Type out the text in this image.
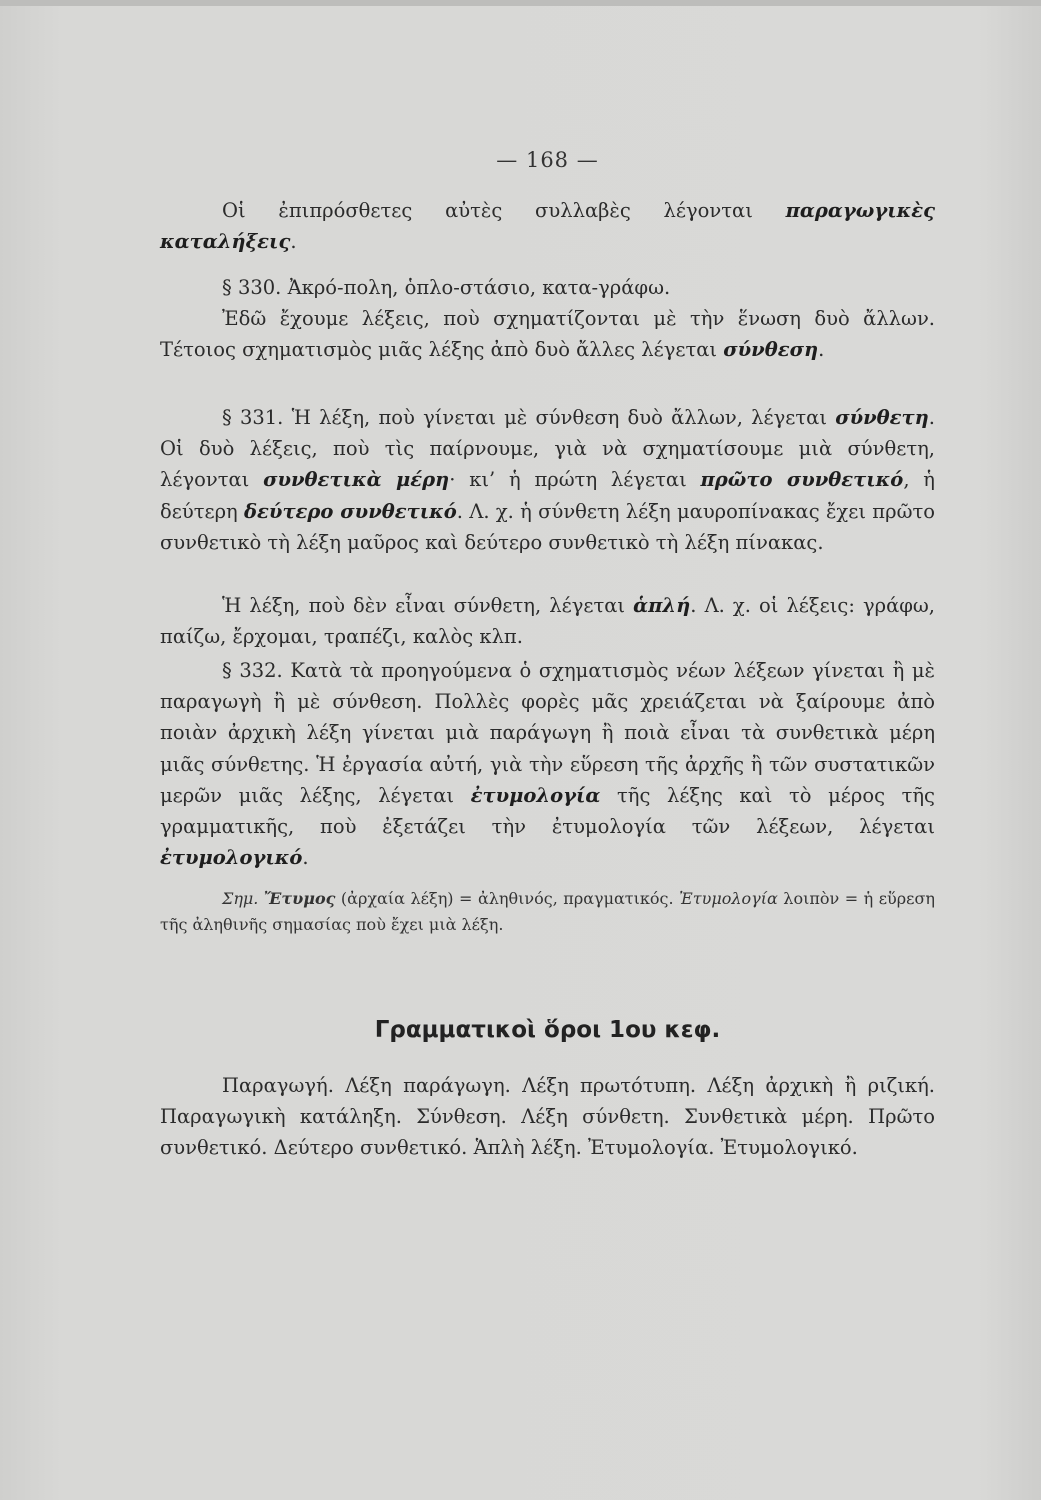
— 168 —

Οἱ ἐπιπρόσθετες αὐτὲς συλλαβὲς λέγονται παραγωγικὲς καταλήξεις.

§ 330. Ἀκρό-πολη, ὁπλο-στάσιο, κατα-γράφω.

Ἐδῶ ἔχουμε λέξεις, ποὺ σχηματίζονται μὲ τὴν ἕνωση δυὸ ἄλλων. Τέτοιος σχηματισμὸς μιᾶς λέξης ἀπὸ δυὸ ἄλλες λέγεται σύνθεση.

§ 331. Ἡ λέξη, ποὺ γίνεται μὲ σύνθεση δυὸ ἄλλων, λέγεται σύνθετη. Οἱ δυὸ λέξεις, ποὺ τὶς παίρνουμε, γιὰ νὰ σχηματίσουμε μιὰ σύνθετη, λέγονται συνθετικὰ μέρη· κι’ ἡ πρώτη λέγεται πρῶτο συνθετικό, ἡ δεύτερη δεύτερο συνθετικό. Λ. χ. ἡ σύνθετη λέξη μαυροπίνακας ἔχει πρῶτο συνθετικὸ τὴ λέξη μαῦρος καὶ δεύτερο συνθετικὸ τὴ λέξη πίνακας.

Ἡ λέξη, ποὺ δὲν εἶναι σύνθετη, λέγεται ἁπλή. Λ. χ. οἱ λέξεις: γράφω, παίζω, ἔρχομαι, τραπέζι, καλὸς κλπ.

§ 332. Κατὰ τὰ προηγούμενα ὁ σχηματισμὸς νέων λέξεων γίνεται ἢ μὲ παραγωγὴ ἢ μὲ σύνθεση. Πολλὲς φορὲς μᾶς χρειάζεται νὰ ξαίρουμε ἀπὸ ποιὰν ἀρχικὴ λέξη γίνεται μιὰ παράγωγη ἢ ποιὰ εἶναι τὰ συνθετικὰ μέρη μιᾶς σύνθετης. Ἡ ἐργασία αὐτή, γιὰ τὴν εὕρεση τῆς ἀρχῆς ἢ τῶν συστατικῶν μερῶν μιᾶς λέξης, λέγεται ἐτυμολογία τῆς λέξης καὶ τὸ μέρος τῆς γραμματικῆς, ποὺ ἐξετάζει τὴν ἐτυμολογία τῶν λέξεων, λέγεται ἐτυμολογικό.

Σημ. Ἔτυμος (ἀρχαία λέξη) = ἀληθινός, πραγματικός. Ἐτυμολογία λοιπὸν = ἡ εὕρεση τῆς ἀληθινῆς σημασίας ποὺ ἔχει μιὰ λέξη.

Γραμματικοὶ ὅροι 1ου κεφ.

Παραγωγή. Λέξη παράγωγη. Λέξη πρωτότυπη. Λέξη ἀρχικὴ ἢ ριζική. Παραγωγικὴ κατάληξη. Σύνθεση. Λέξη σύνθετη. Συνθετικὰ μέρη. Πρῶτο συνθετικό. Δεύτερο συνθετικό. Ἁπλὴ λέξη. Ἐτυμολογία. Ἐτυμολογικό.
